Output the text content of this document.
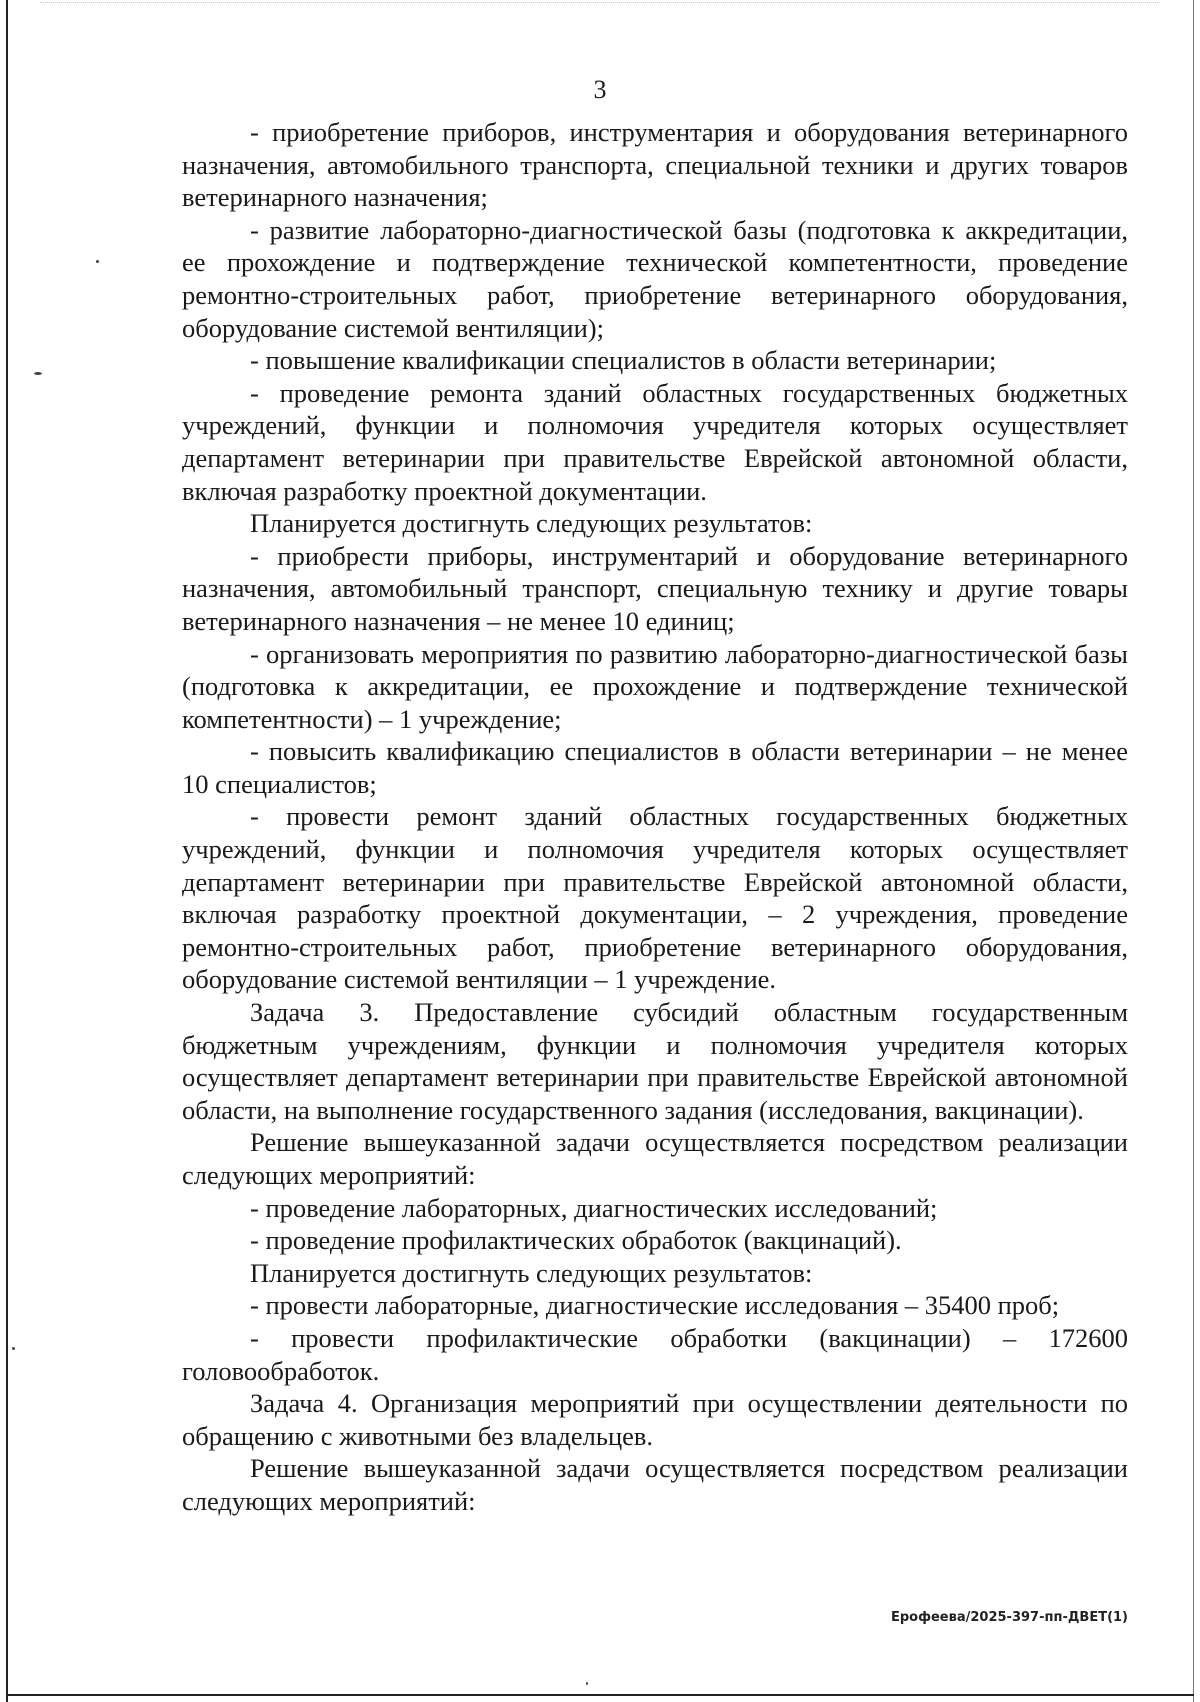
3

- приобретение приборов, инструментария и оборудования ветеринарного назначения, автомобильного транспорта, специальной техники и других товаров ветеринарного назначения;

- развитие лабораторно-диагностической базы (подготовка к аккредитации, ее прохождение и подтверждение технической компетентности, проведение ремонтно-строительных работ, приобретение ветеринарного оборудования, оборудование системой вентиляции);

- повышение квалификации специалистов в области ветеринарии;

- проведение ремонта зданий областных государственных бюджетных учреждений, функции и полномочия учредителя которых осуществляет департамент ветеринарии при правительстве Еврейской автономной области, включая разработку проектной документации.

Планируется достигнуть следующих результатов:

- приобрести приборы, инструментарий и оборудование ветеринарного назначения, автомобильный транспорт, специальную технику и другие товары ветеринарного назначения – не менее 10 единиц;

- организовать мероприятия по развитию лабораторно-диагностической базы (подготовка к аккредитации, ее прохождение и подтверждение технической компетентности) – 1 учреждение;

- повысить квалификацию специалистов в области ветеринарии – не менее 10 специалистов;

- провести ремонт зданий областных государственных бюджетных учреждений, функции и полномочия учредителя которых осуществляет департамент ветеринарии при правительстве Еврейской автономной области, включая разработку проектной документации, – 2 учреждения, проведение ремонтно-строительных работ, приобретение ветеринарного оборудования, оборудование системой вентиляции – 1 учреждение.

Задача 3. Предоставление субсидий областным государственным бюджетным учреждениям, функции и полномочия учредителя которых осуществляет департамент ветеринарии при правительстве Еврейской автономной области, на выполнение государственного задания (исследования, вакцинации).

Решение вышеуказанной задачи осуществляется посредством реализации следующих мероприятий:

- проведение лабораторных, диагностических исследований;

- проведение профилактических обработок (вакцинаций).

Планируется достигнуть следующих результатов:

- провести лабораторные, диагностические исследования – 35400 проб;

- провести профилактические обработки (вакцинации) – 172600 головообработок.

Задача 4. Организация мероприятий при осуществлении деятельности по обращению с животными без владельцев.

Решение вышеуказанной задачи осуществляется посредством реализации следующих мероприятий:

Ерофеева/2025-397-пп-ДВЕТ(1)
